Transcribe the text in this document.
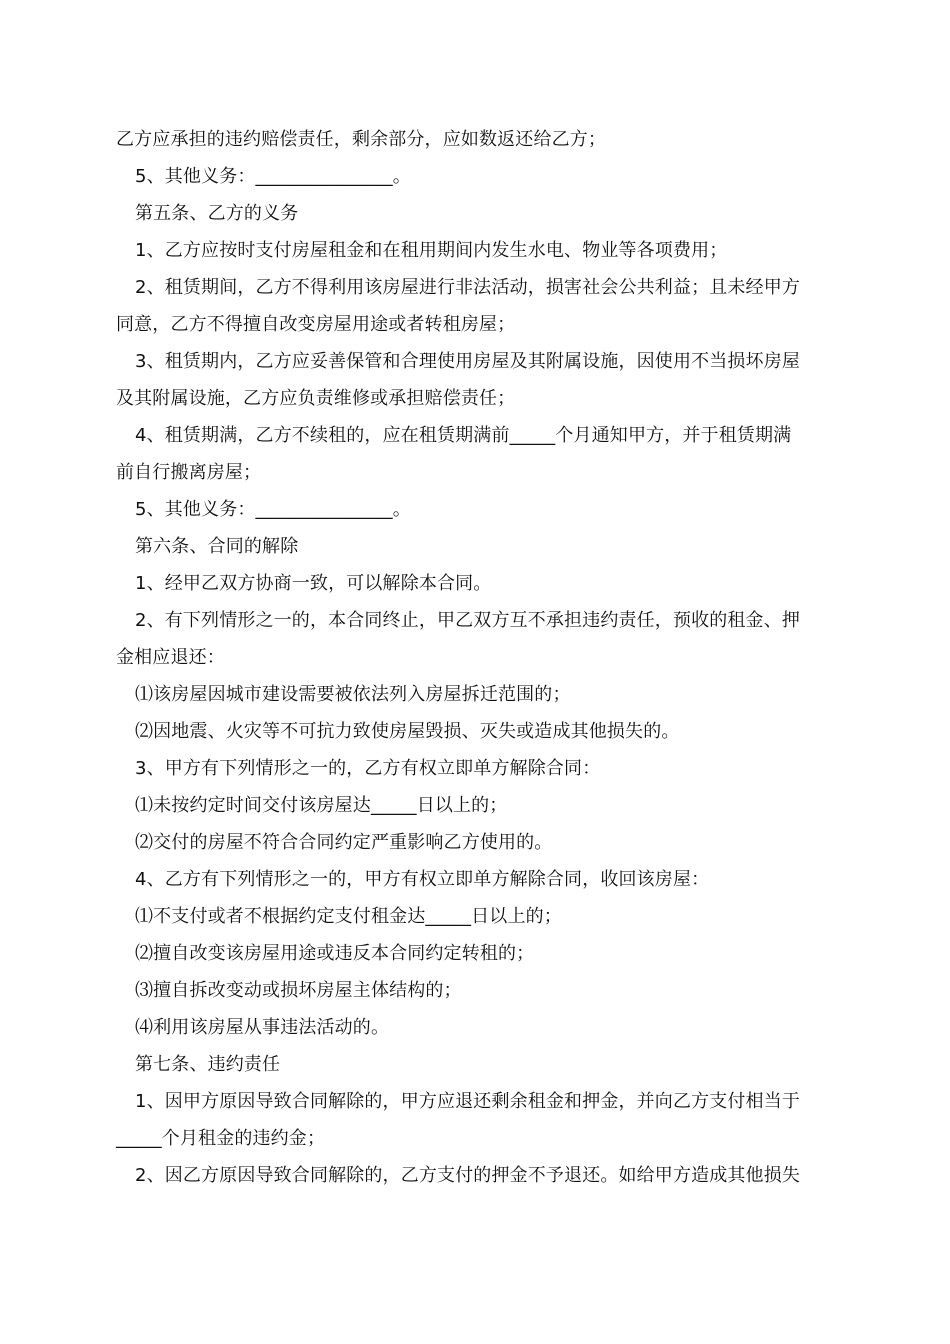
乙方应承担的违约赔偿责任，剩余部分，应如数返还给乙方；
5、其他义务：_______________。
第五条、乙方的义务
1、乙方应按时支付房屋租金和在租用期间内发生水电、物业等各项费用；
2、租赁期间，乙方不得利用该房屋进行非法活动，损害社会公共利益；且未经甲方
同意，乙方不得擅自改变房屋用途或者转租房屋；
3、租赁期内，乙方应妥善保管和合理使用房屋及其附属设施，因使用不当损坏房屋
及其附属设施，乙方应负责维修或承担赔偿责任；
4、租赁期满，乙方不续租的，应在租赁期满前_____个月通知甲方，并于租赁期满
前自行搬离房屋；
5、其他义务：_______________。
第六条、合同的解除
1、经甲乙双方协商一致，可以解除本合同。
2、有下列情形之一的，本合同终止，甲乙双方互不承担违约责任，预收的租金、押
金相应退还：
⑴该房屋因城市建设需要被依法列入房屋拆迁范围的；
⑵因地震、火灾等不可抗力致使房屋毁损、灭失或造成其他损失的。
3、甲方有下列情形之一的，乙方有权立即单方解除合同：
⑴未按约定时间交付该房屋达_____日以上的；
⑵交付的房屋不符合合同约定严重影响乙方使用的。
4、乙方有下列情形之一的，甲方有权立即单方解除合同，收回该房屋：
⑴不支付或者不根据约定支付租金达_____日以上的；
⑵擅自改变该房屋用途或违反本合同约定转租的；
⑶擅自拆改变动或损坏房屋主体结构的；
⑷利用该房屋从事违法活动的。
第七条、违约责任
1、因甲方原因导致合同解除的，甲方应退还剩余租金和押金，并向乙方支付相当于
_____个月租金的违约金；
2、因乙方原因导致合同解除的，乙方支付的押金不予退还。如给甲方造成其他损失
